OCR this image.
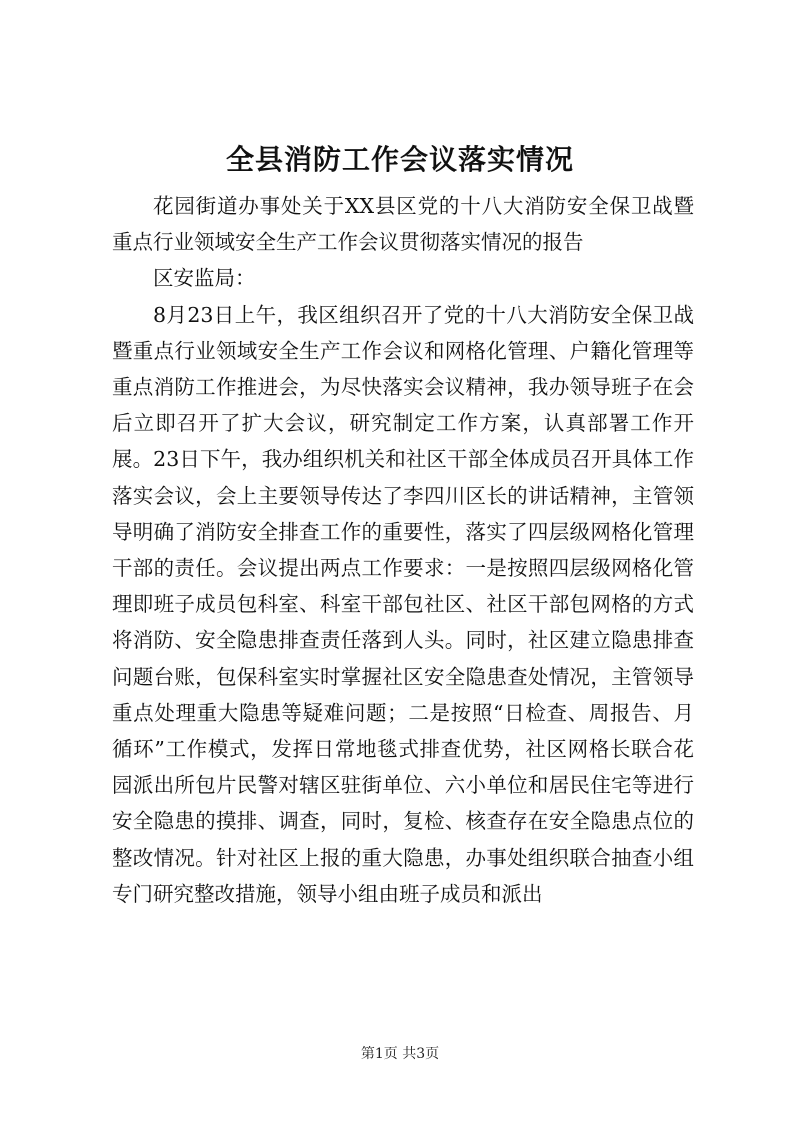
全县消防工作会议落实情况

花园街道办事处关于XX县区党的十八大消防安全保卫战暨重点行业领域安全生产工作会议贯彻落实情况的报告

区安监局：

8月23日上午，我区组织召开了党的十八大消防安全保卫战暨重点行业领域安全生产工作会议和网格化管理、户籍化管理等重点消防工作推进会，为尽快落实会议精神，我办领导班子在会后立即召开了扩大会议，研究制定工作方案，认真部署工作开展。23日下午，我办组织机关和社区干部全体成员召开具体工作落实会议，会上主要领导传达了李四川区长的讲话精神，主管领导明确了消防安全排查工作的重要性，落实了四层级网格化管理干部的责任。会议提出两点工作要求：一是按照四层级网格化管理即班子成员包科室、科室干部包社区、社区干部包网格的方式将消防、安全隐患排查责任落到人头。同时，社区建立隐患排查问题台账，包保科室实时掌握社区安全隐患查处情况，主管领导重点处理重大隐患等疑难问题；二是按照“日检查、周报告、月循环”工作模式，发挥日常地毯式排查优势，社区网格长联合花园派出所包片民警对辖区驻街单位、六小单位和居民住宅等进行安全隐患的摸排、调查，同时，复检、核查存在安全隐患点位的整改情况。针对社区上报的重大隐患，办事处组织联合抽查小组专门研究整改措施，领导小组由班子成员和派出

第1页 共3页
